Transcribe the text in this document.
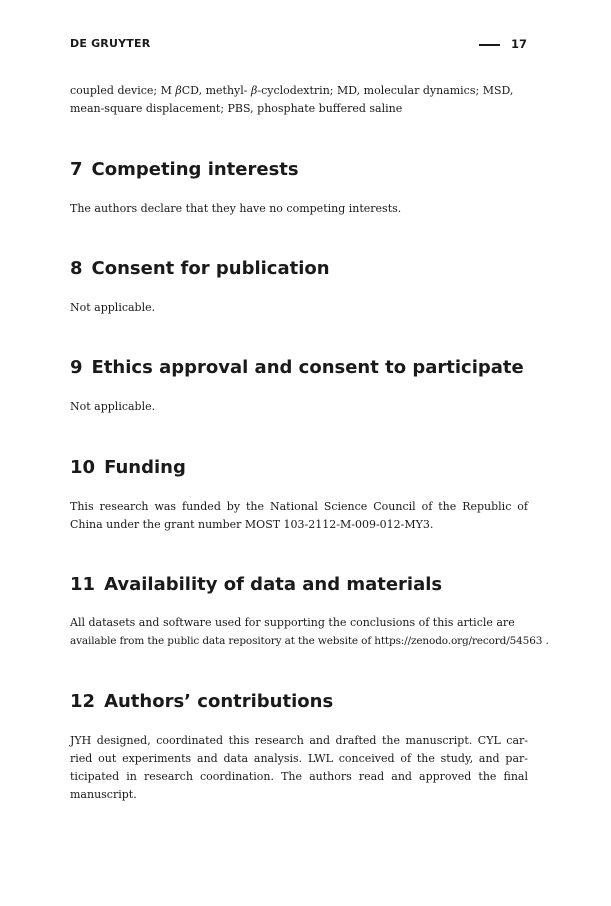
DE GRUYTER	17
coupled device; M βCD, methyl- β-cyclodextrin; MD, molecular dynamics; MSD,
mean-square displacement; PBS, phosphate buffered saline
7 Competing interests
The authors declare that they have no competing interests.
8 Consent for publication
Not applicable.
9 Ethics approval and consent to participate
Not applicable.
10 Funding
This research was funded by the National Science Council of the Republic of
China under the grant number MOST 103-2112-M-009-012-MY3.
11 Availability of data and materials
All datasets and software used for supporting the conclusions of this article are
available from the public data repository at the website of https://zenodo.org/record/54563 .
12 Authors’ contributions
JYH designed, coordinated this research and drafted the manuscript. CYL car-
ried out experiments and data analysis. LWL conceived of the study, and par-
ticipated in research coordination. The authors read and approved the final
manuscript.
